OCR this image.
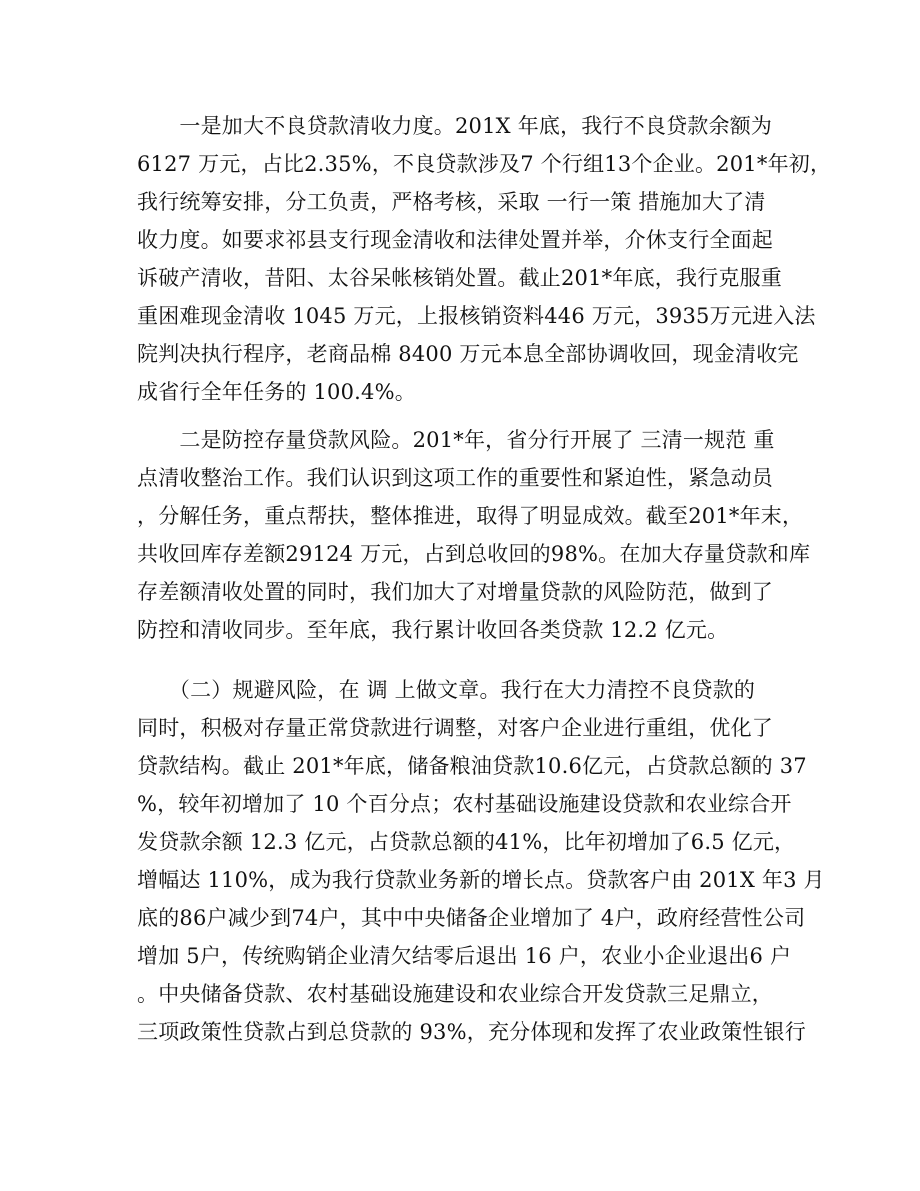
　　一是加大不良贷款清收力度。201X 年底，我行不良贷款余额为
6127 万元，占比2.35%，不良贷款涉及7 个行组13个企业。201*年初，
我行统筹安排，分工负责，严格考核，采取 一行一策 措施加大了清
收力度。如要求祁县支行现金清收和法律处置并举，介休支行全面起
诉破产清收，昔阳、太谷呆帐核销处置。截止201*年底，我行克服重
重困难现金清收 1045 万元，上报核销资料446 万元，3935万元进入法
院判决执行程序，老商品棉 8400 万元本息全部协调收回，现金清收完
成省行全年任务的 100.4%。
　　二是防控存量贷款风险。201*年，省分行开展了 三清一规范 重
点清收整治工作。我们认识到这项工作的重要性和紧迫性，紧急动员
，分解任务，重点帮扶，整体推进，取得了明显成效。截至201*年末，
共收回库存差额29124 万元，占到总收回的98%。在加大存量贷款和库
存差额清收处置的同时，我们加大了对增量贷款的风险防范，做到了
防控和清收同步。至年底，我行累计收回各类贷款 12.2 亿元。
　　（二）规避风险，在 调 上做文章。我行在大力清控不良贷款的
同时，积极对存量正常贷款进行调整，对客户企业进行重组，优化了
贷款结构。截止 201*年底，储备粮油贷款10.6亿元，占贷款总额的 37
%，较年初增加了 10 个百分点；农村基础设施建设贷款和农业综合开
发贷款余额 12.3 亿元，占贷款总额的41%，比年初增加了6.5 亿元，
增幅达 110%，成为我行贷款业务新的增长点。贷款客户由 201X 年3 月
底的86户减少到74户，其中中央储备企业增加了 4户，政府经营性公司
增加 5户，传统购销企业清欠结零后退出 16 户，农业小企业退出6 户
。中央储备贷款、农村基础设施建设和农业综合开发贷款三足鼎立，
三项政策性贷款占到总贷款的 93%，充分体现和发挥了农业政策性银行
